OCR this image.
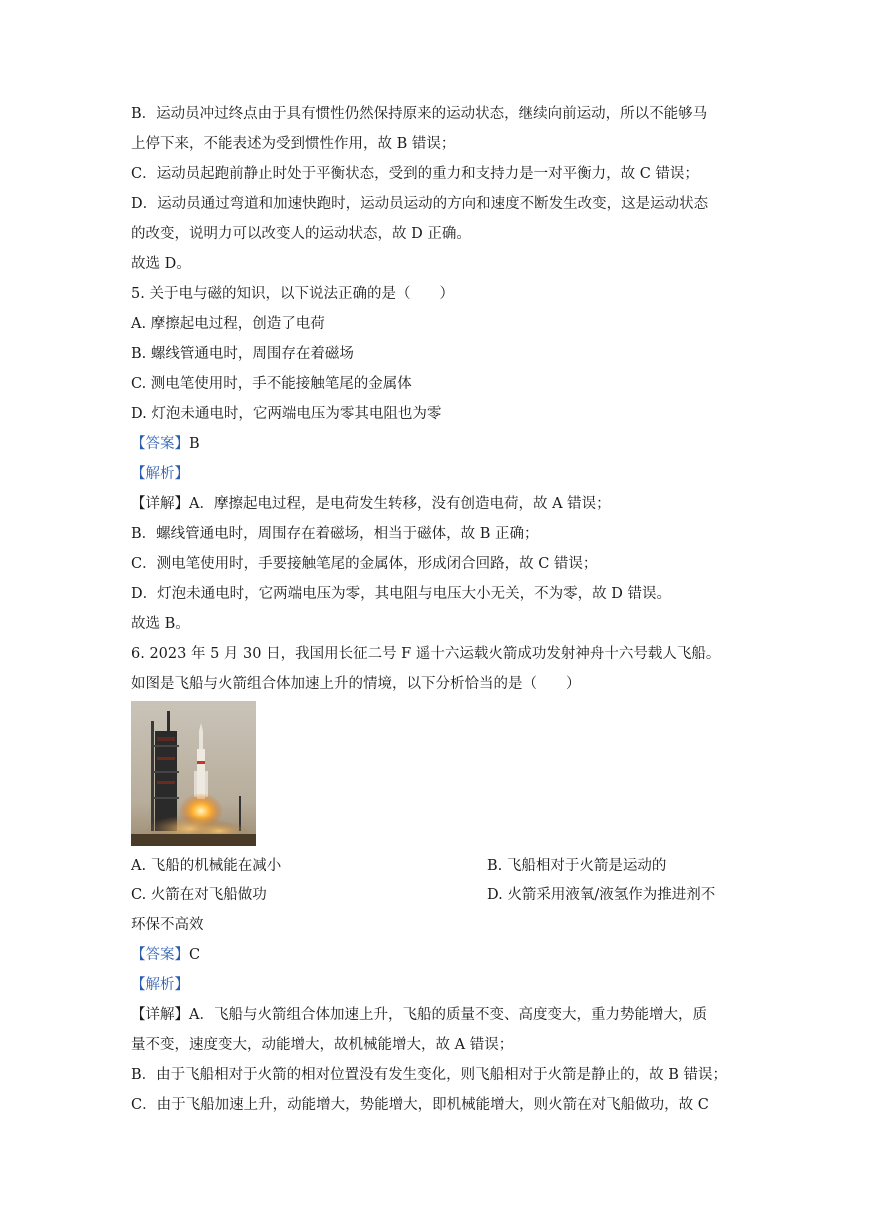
B．运动员冲过终点由于具有惯性仍然保持原来的运动状态，继续向前运动，所以不能够马
上停下来，不能表述为受到惯性作用，故 B 错误；
C．运动员起跑前静止时处于平衡状态，受到的重力和支持力是一对平衡力，故 C 错误；
D．运动员通过弯道和加速快跑时，运动员运动的方向和速度不断发生改变，这是运动状态
的改变，说明力可以改变人的运动状态，故 D 正确。
故选 D。
5. 关于电与磁的知识，以下说法正确的是（　　）
A. 摩擦起电过程，创造了电荷
B. 螺线管通电时，周围存在着磁场
C. 测电笔使用时，手不能接触笔尾的金属体
D. 灯泡未通电时，它两端电压为零其电阻也为零
【答案】B
【解析】
【详解】A．摩擦起电过程，是电荷发生转移，没有创造电荷，故 A 错误；
B．螺线管通电时，周围存在着磁场，相当于磁体，故 B 正确；
C．测电笔使用时，手要接触笔尾的金属体，形成闭合回路，故 C 错误；
D．灯泡未通电时，它两端电压为零，其电阻与电压大小无关，不为零，故 D 错误。
故选 B。
6. 2023 年 5 月 30 日，我国用长征二号 F 遥十六运载火箭成功发射神舟十六号载人飞船。
如图是飞船与火箭组合体加速上升的情境，以下分析恰当的是（　　）
A. 飞船的机械能在减小	B. 飞船相对于火箭是运动的
C. 火箭在对飞船做功	D. 火箭采用液氧/液氢作为推进剂不
环保不高效
【答案】C
【解析】
【详解】A．飞船与火箭组合体加速上升，飞船的质量不变、高度变大，重力势能增大，质
量不变，速度变大，动能增大，故机械能增大，故 A 错误；
B．由于飞船相对于火箭的相对位置没有发生变化，则飞船相对于火箭是静止的，故 B 错误；
C．由于飞船加速上升，动能增大，势能增大，即机械能增大，则火箭在对飞船做功，故 C
